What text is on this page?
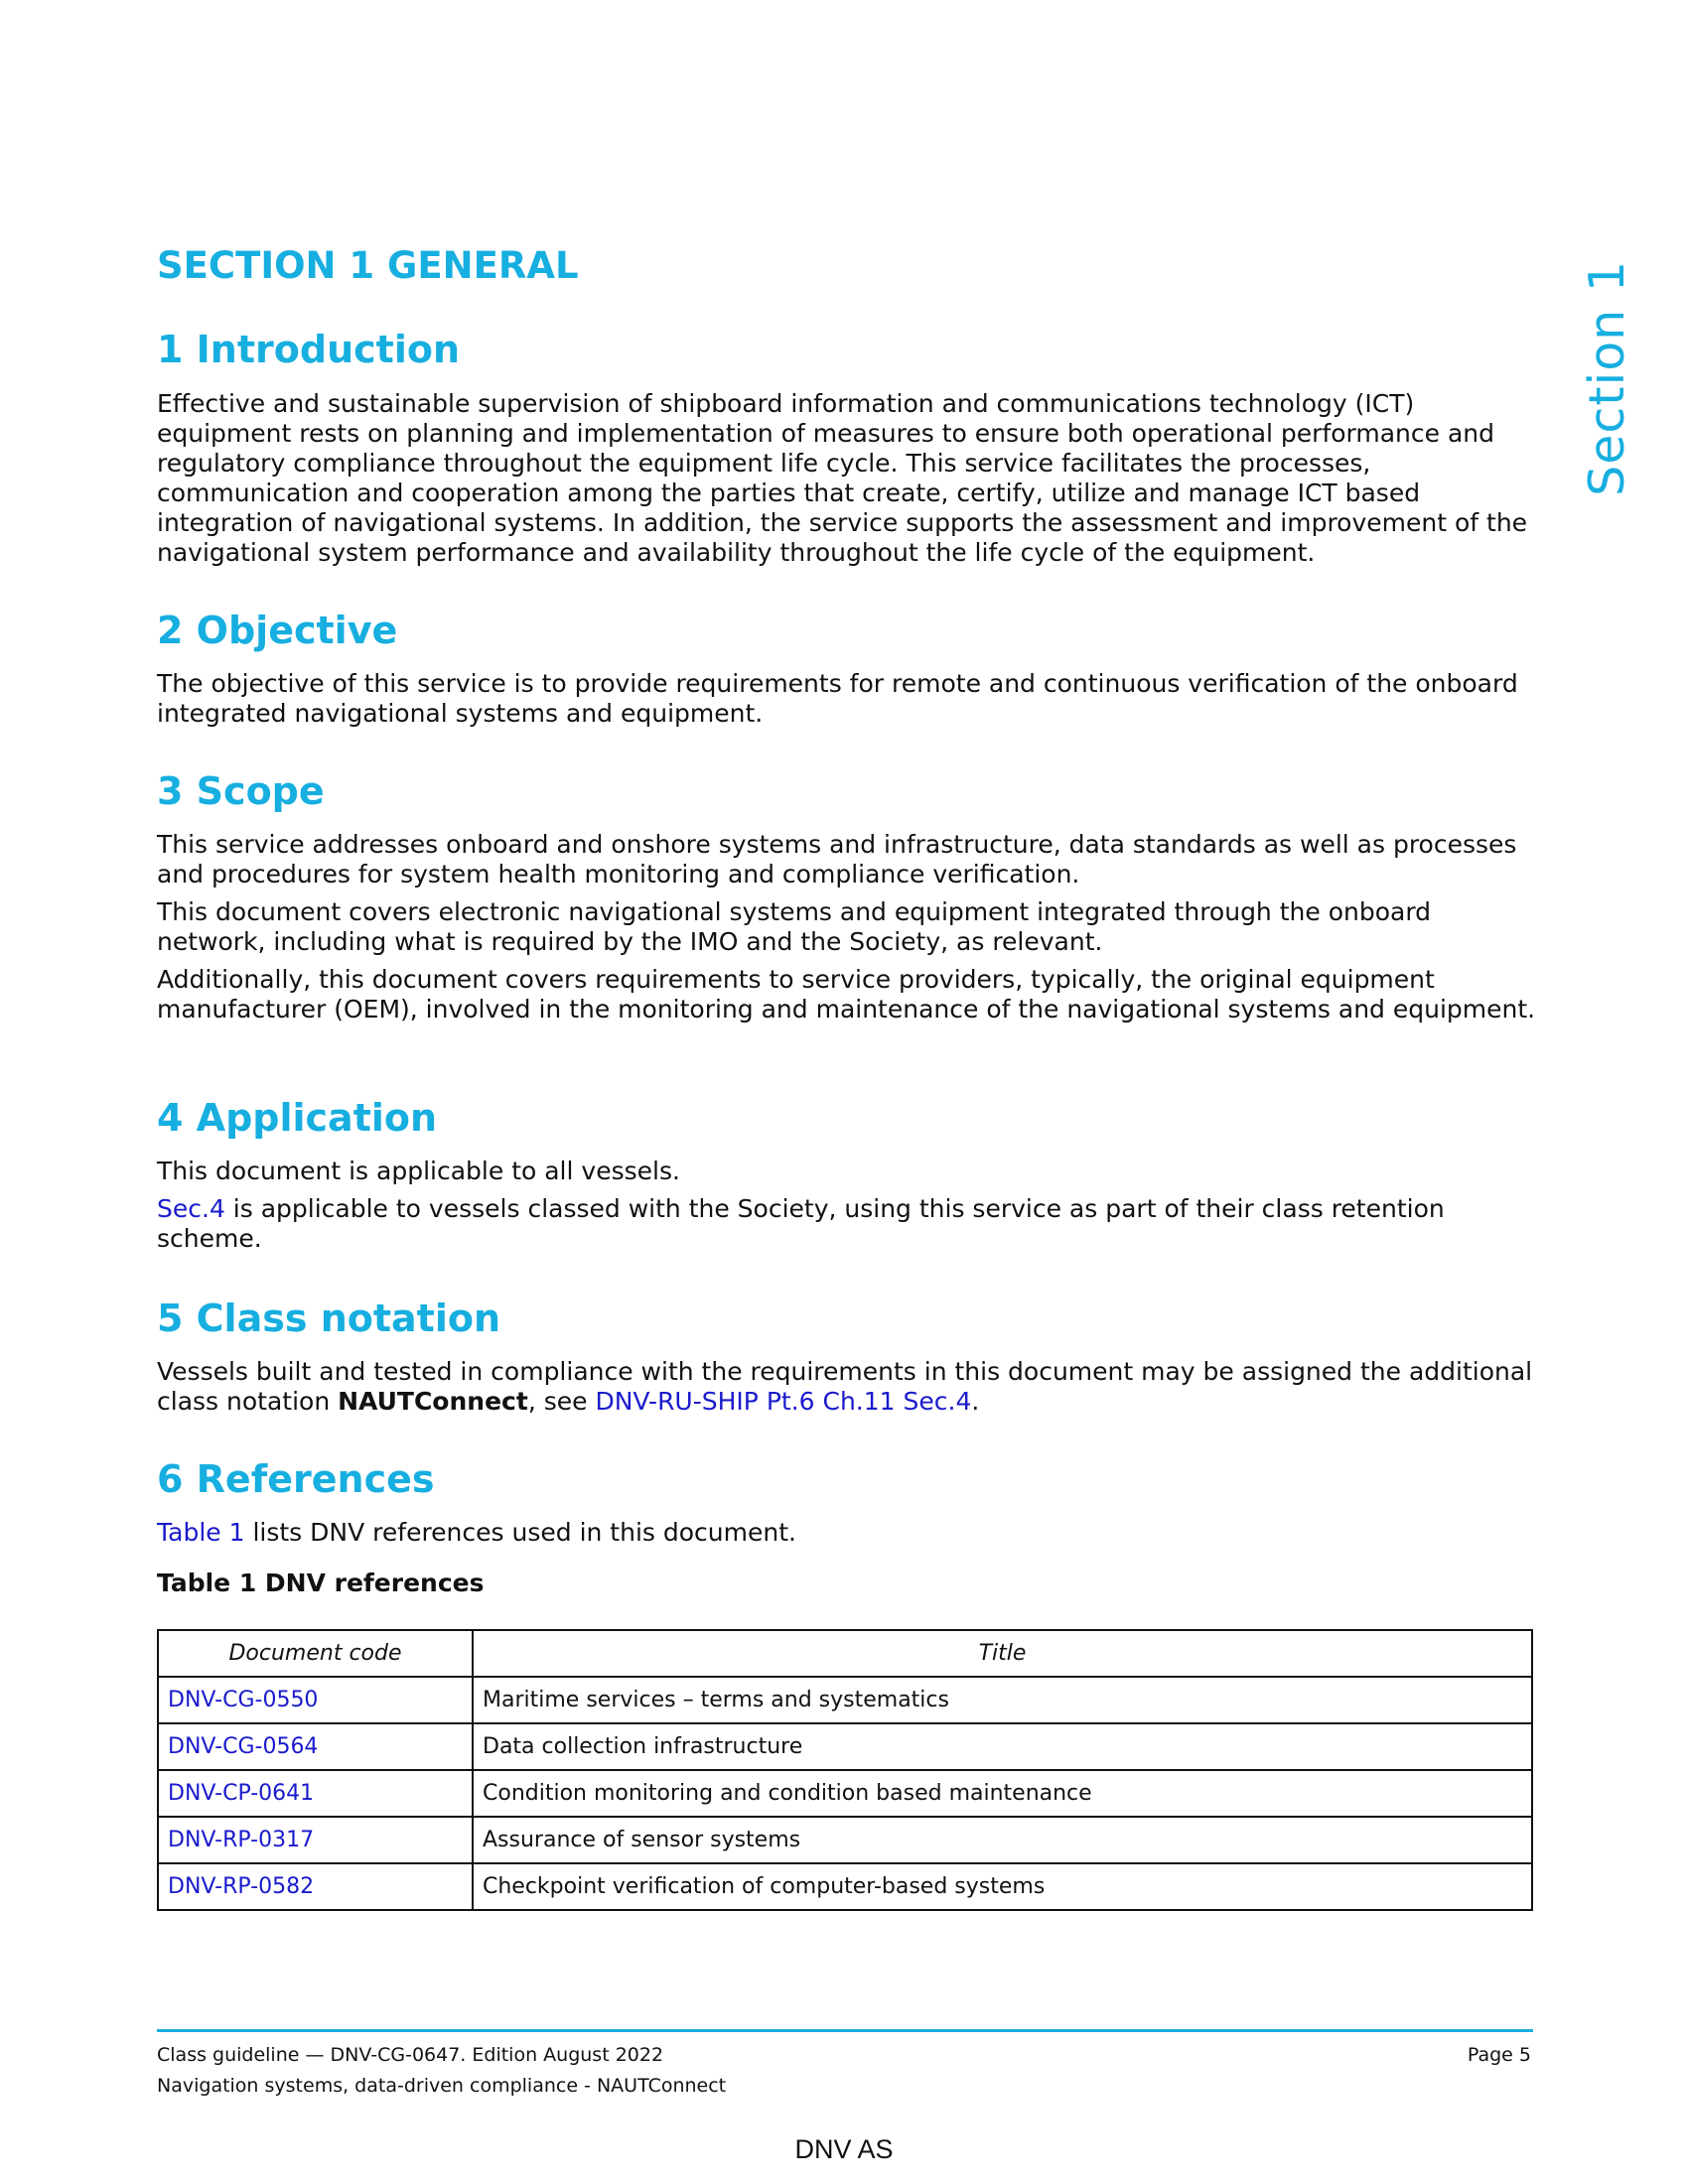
Section 1
SECTION 1 GENERAL
1 Introduction

Effective and sustainable supervision of shipboard information and communications technology (ICT) equipment rests on planning and implementation of measures to ensure both operational performance and regulatory compliance throughout the equipment life cycle. This service facilitates the processes, communication and cooperation among the parties that create, certify, utilize and manage ICT based integration of navigational systems. In addition, the service supports the assessment and improvement of the navigational system performance and availability throughout the life cycle of the equipment.

2 Objective

The objective of this service is to provide requirements for remote and continuous verification of the onboard integrated navigational systems and equipment.

3 Scope

This service addresses onboard and onshore systems and infrastructure, data standards as well as processes and procedures for system health monitoring and compliance verification.

This document covers electronic navigational systems and equipment integrated through the onboard network, including what is required by the IMO and the Society, as relevant.

Additionally, this document covers requirements to service providers, typically, the original equipment manufacturer (OEM), involved in the monitoring and maintenance of the navigational systems and equipment.

4 Application

This document is applicable to all vessels.

Sec.4 is applicable to vessels classed with the Society, using this service as part of their class retention scheme.

5 Class notation

Vessels built and tested in compliance with the requirements in this document may be assigned the additional class notation NAUTConnect, see DNV-RU-SHIP Pt.6 Ch.11 Sec.4.

6 References

Table 1 lists DNV references used in this document.

Table 1 DNV references

Document code	Title
DNV-CG-0550	Maritime services – terms and systematics
DNV-CG-0564	Data collection infrastructure
DNV-CP-0641	Condition monitoring and condition based maintenance
DNV-RP-0317	Assurance of sensor systems
DNV-RP-0582	Checkpoint verification of computer-based systems
Class guideline — DNV-CG-0647. Edition August 2022
Navigation systems, data-driven compliance - NAUTConnect
Page 5
DNV AS
